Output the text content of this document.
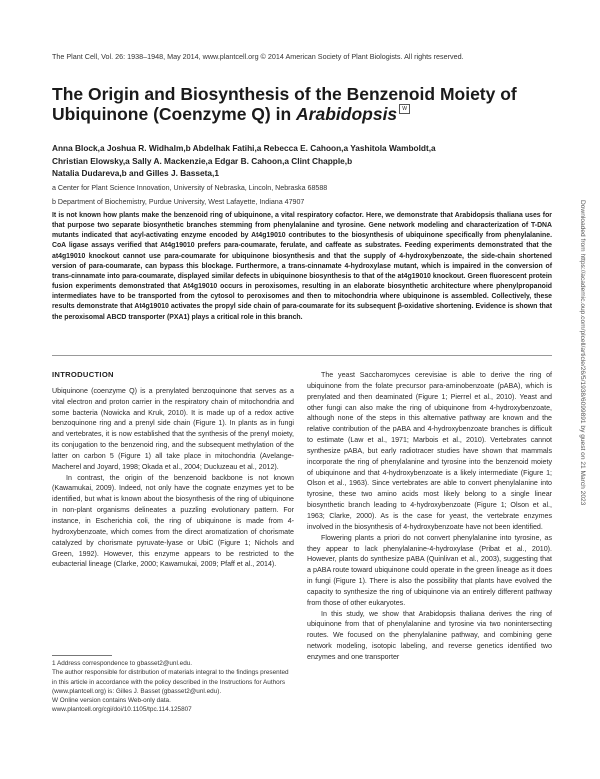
The Plant Cell, Vol. 26: 1938–1948, May 2014, www.plantcell.org © 2014 American Society of Plant Biologists. All rights reserved.
The Origin and Biosynthesis of the Benzenoid Moiety of
Ubiquinone (Coenzyme Q) in Arabidopsis W
Anna Block,a Joshua R. Widhalm,b Abdelhak Fatihi,a Rebecca E. Cahoon,a Yashitola Wamboldt,a
Christian Elowsky,a Sally A. Mackenzie,a Edgar B. Cahoon,a Clint Chapple,b
Natalia Dudareva,b and Gilles J. Basseta,1
a Center for Plant Science Innovation, University of Nebraska, Lincoln, Nebraska 68588
b Department of Biochemistry, Purdue University, West Lafayette, Indiana 47907

It is not known how plants make the benzenoid ring of ubiquinone, a vital respiratory cofactor. Here, we demonstrate that Arabidopsis thaliana uses for that purpose two separate biosynthetic branches stemming from phenylalanine and tyrosine. Gene network modeling and characterization of T-DNA mutants indicated that acyl-activating enzyme encoded by At4g19010 contributes to the biosynthesis of ubiquinone specifically from phenylalanine. CoA ligase assays verified that At4g19010 prefers para-coumarate, ferulate, and caffeate as substrates. Feeding experiments demonstrated that the at4g19010 knockout cannot use para-coumarate for ubiquinone biosynthesis and that the supply of 4-hydroxybenzoate, the side-chain shortened version of para-coumarate, can bypass this blockage. Furthermore, a trans-cinnamate 4-hydroxylase mutant, which is impaired in the conversion of trans-cinnamate into para-coumarate, displayed similar defects in ubiquinone biosynthesis to that of the at4g19010 knockout. Green fluorescent protein fusion experiments demonstrated that At4g19010 occurs in peroxisomes, resulting in an elaborate biosynthetic architecture where phenylpropanoid intermediates have to be transported from the cytosol to peroxisomes and then to mitochondria where ubiquinone is assembled. Collectively, these results demonstrate that At4g19010 activates the propyl side chain of para-coumarate for its subsequent β-oxidative shortening. Evidence is shown that the peroxisomal ABCD transporter (PXA1) plays a critical role in this branch.

INTRODUCTION

Ubiquinone (coenzyme Q) is a prenylated benzoquinone that serves as a vital electron and proton carrier in the respiratory chain of mitochondria and some bacteria (Nowicka and Kruk, 2010). It is made up of a redox active benzoquinone ring and a prenyl side chain (Figure 1). In plants as in fungi and vertebrates, it is now established that the synthesis of the prenyl moiety, its conjugation to the benzenoid ring, and the subsequent methylation of the latter on carbon 5 (Figure 1) all take place in mitochondria (Avelange-Macherel and Joyard, 1998; Okada et al., 2004; Ducluzeau et al., 2012).

In contrast, the origin of the benzenoid backbone is not known (Kawamukai, 2009). Indeed, not only have the cognate enzymes yet to be identified, but what is known about the biosynthesis of the ring of ubiquinone in non-plant organisms delineates a puzzling evolutionary pattern. For instance, in Escherichia coli, the ring of ubiquinone is made from 4-hydroxybenzoate, which comes from the direct aromatization of chorismate catalyzed by chorismate pyruvate-lyase or UbiC (Figure 1; Nichols and Green, 1992). However, this enzyme appears to be restricted to the eubacterial lineage (Clarke, 2000; Kawamukai, 2009; Pfaff et al., 2014).

The yeast Saccharomyces cerevisiae is able to derive the ring of ubiquinone from the folate precursor para-aminobenzoate (pABA), which is prenylated and then deaminated (Figure 1; Pierrel et al., 2010). Yeast and other fungi can also make the ring of ubiquinone from 4-hydroxybenzoate, although none of the steps in this alternative pathway are known and the relative contribution of the pABA and 4-hydroxybenzoate branches is difficult to estimate (Law et al., 1971; Marbois et al., 2010). Vertebrates cannot synthesize pABA, but early radiotracer studies have shown that mammals incorporate the ring of phenylalanine and tyrosine into the benzenoid moiety of ubiquinone and that 4-hydroxybenzoate is a likely intermediate (Figure 1; Olson et al., 1963). Since vertebrates are able to convert phenylalanine into tyrosine, these two amino acids most likely belong to a single linear biosynthetic branch leading to 4-hydroxybenzoate (Figure 1; Olson et al., 1963; Clarke, 2000). As is the case for yeast, the vertebrate enzymes involved in the biosynthesis of 4-hydroxybenzoate have not been identified.

Flowering plants a priori do not convert phenylalanine into tyrosine, as they appear to lack phenylalanine-4-hydroxylase (Pribat et al., 2010). However, plants do synthesize pABA (Quinlivan et al., 2003), suggesting that a pABA route toward ubiquinone could operate in the green lineage as it does in fungi (Figure 1). There is also the possibility that plants have evolved the capacity to synthesize the ring of ubiquinone via an entirely different pathway from those of other eukaryotes.

In this study, we show that Arabidopsis thaliana derives the ring of ubiquinone from that of phenylalanine and tyrosine via two nonintersecting routes. We focused on the phenylalanine pathway, and combining gene network modeling, isotopic labeling, and reverse genetics identified two enzymes and one transporter

1 Address correspondence to gbasset2@unl.edu.
The author responsible for distribution of materials integral to the findings presented in this article in accordance with the policy described in the Instructions for Authors (www.plantcell.org) is: Gilles J. Basset (gbasset2@unl.edu).
W Online version contains Web-only data.
www.plantcell.org/cgi/doi/10.1105/tpc.114.125807
Downloaded from https://academic.oup.com/plcell/article/26/5/1938/6099891 by guest on 21 March 2023
